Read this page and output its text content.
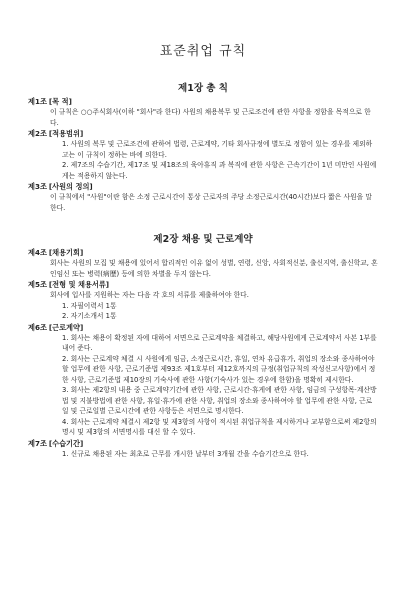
표준취업 규칙
제1장 총 칙

제1조 [목 적]

이 규칙은 ○○주식회사(이하 "회사"라 한다) 사원의 채용복무 및 근로조건에 관한 사항을 정함을 목적으로 한다.

제2조 [적용범위]

1. 사원의 복무 및 근로조건에 관하여 법령, 근로계약, 기타 회사규정에 별도로 정함이 있는 경우를 제외하고는 이 규칙이 정하는 바에 의한다.
2. 제7조의 수습기간, 제17조 및 제18조의 육아휴직 과 복직에 관한 사항은 근속기간이 1년 미만인 사원에게는 적용하지 않는다.

제3조 [사원의 정의]

이 규칙에서 "사원"이란 함은 소정 근로시간이 통상 근로자의 주당 소정근로시간(40시간)보다 짧은 사원을 말한다.

제2장 채용 및 근로계약

제4조 [채용기회]

회사는 사원의 모집 및 채용에 있어서 합리적인 이유 없이 성별, 연령, 신앙, 사회적신분, 출신지역, 출신학교, 혼인임신 또는 병력(病歷) 등에 의한 차별을 두지 않는다.

제5조 [전형 및 채용서류]

회사에 입사를 지원하는 자는 다음 각 호의 서류를 제출하여야 한다.

1. 자필이력서 1통
2. 자기소개서 1통

제6조 [근로계약]

1. 회사는 채용이 확정된 자에 대하여 서면으로 근로계약을 체결하고, 해당사원에게 근로계약서 사본 1부를 내어 준다.
2. 회사는 근로계약 체결 시 사원에게 임금, 소정근로시간, 휴일, 연차 유급휴가, 취업의 장소와 종사하여야 할 업무에 관한 사항, 근로기준법 제93조 제1호부터 제12호까지의 규정(취업규칙의 작성신고사항)에서 정한 사항, 근로기준법 제10장의 기숙사에 관한 사항(기숙사가 있는 경우에 한함)을 명확히 제시한다.
3. 회사는 제2항의 내용 중 근로계약기간에 관한 사항, 근로시간·휴게에 관한 사항, 임금의 구성항목·계산방법 및 지불방법에 관한 사항, 휴일·휴가에 관한 사항, 취업의 장소와 종사하여야 할 업무에 관한 사항, 근로일 및 근로일별 근로시간에 관한 사항등은 서면으로 명시한다.
4. 회사는 근로계약 체결시 제2항 및 제3항의 사항이 적시된 취업규칙을 제시하거나 교부함으로써 제2항의 명시 및 제3항의 서면명시를 대신 할 수 있다.

제7조 [수습기간]

1. 신규로 채용된 자는 최초로 근무를 개시한 날부터 3개월 간을 수습기간으로 한다.
